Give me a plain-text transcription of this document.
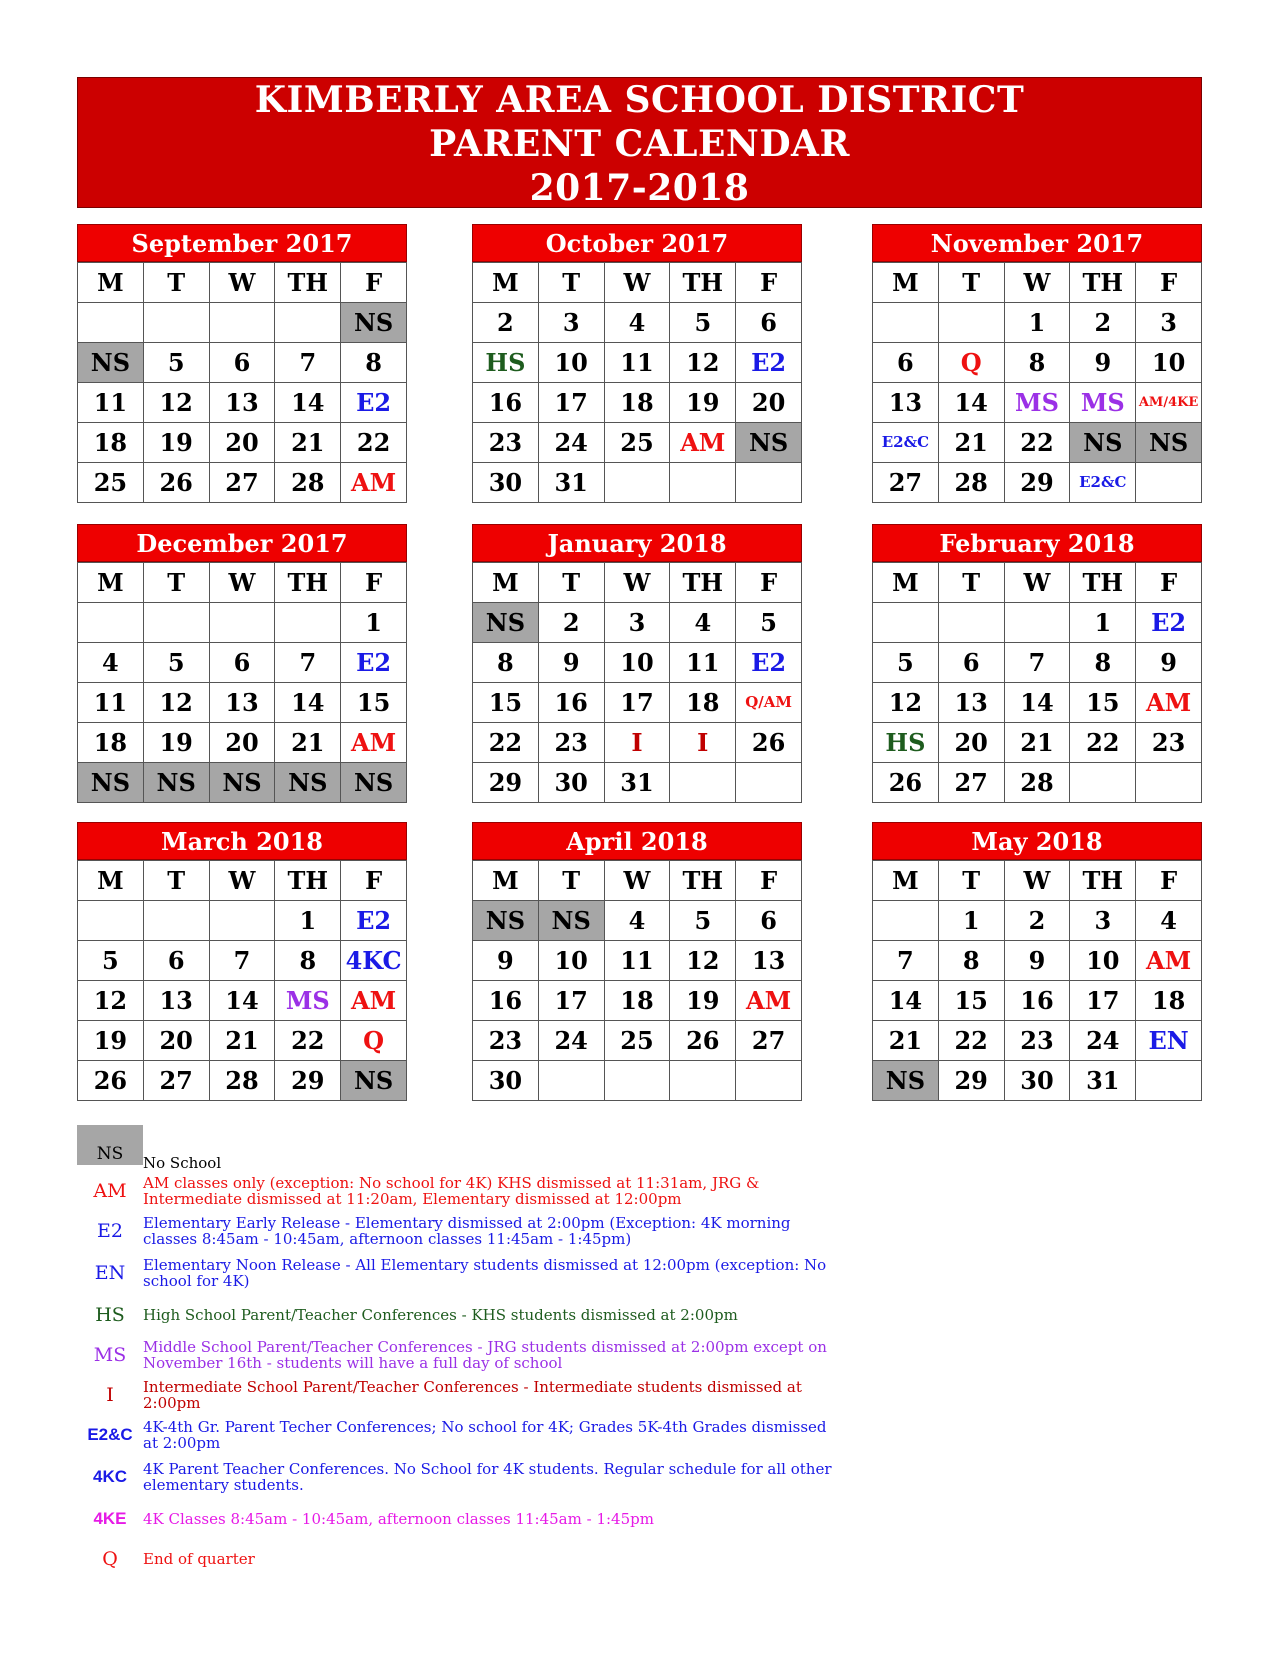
KIMBERLY AREA SCHOOL DISTRICT
PARENT CALENDAR
2017-2018
September 2017
M	T	W	TH	F
				NS
NS	5	6	7	8
11	12	13	14	E2
18	19	20	21	22
25	26	27	28	AM
October 2017
M	T	W	TH	F
2	3	4	5	6
HS	10	11	12	E2
16	17	18	19	20
23	24	25	AM	NS
30	31			
November 2017
M	T	W	TH	F
		1	2	3
6	Q	8	9	10
13	14	MS	MS	AM/4KE
E2&C	21	22	NS	NS
27	28	29	E2&C	
December 2017
M	T	W	TH	F
				1
4	5	6	7	E2
11	12	13	14	15
18	19	20	21	AM
NS	NS	NS	NS	NS
January 2018
M	T	W	TH	F
NS	2	3	4	5
8	9	10	11	E2
15	16	17	18	Q/AM
22	23	I	I	26
29	30	31		
February 2018
M	T	W	TH	F
			1	E2
5	6	7	8	9
12	13	14	15	AM
HS	20	21	22	23
26	27	28		
March 2018
M	T	W	TH	F
			1	E2
5	6	7	8	4KC
12	13	14	MS	AM
19	20	21	22	Q
26	27	28	29	NS
April 2018
M	T	W	TH	F
NS	NS	4	5	6
9	10	11	12	13
16	17	18	19	AM
23	24	25	26	27
30				
May 2018
M	T	W	TH	F
	1	2	3	4
7	8	9	10	AM
14	15	16	17	18
21	22	23	24	EN
NS	29	30	31	
NS	No School
AM	AM classes only (exception: No school for 4K) KHS dismissed at 11:31am, JRG & Intermediate dismissed at 11:20am, Elementary dismissed at 12:00pm
E2	Elementary Early Release - Elementary dismissed at 2:00pm (Exception: 4K morning classes 8:45am - 10:45am, afternoon classes 11:45am - 1:45pm)
EN	Elementary Noon Release - All Elementary students dismissed at 12:00pm (exception: No school for 4K)
HS	High School Parent/Teacher Conferences - KHS students dismissed at 2:00pm
MS	Middle School Parent/Teacher Conferences - JRG students dismissed at 2:00pm except on November 16th - students will have a full day of school
I	Intermediate School Parent/Teacher Conferences - Intermediate students dismissed at 2:00pm
E2&C 4K-4th Gr. Parent Techer Conferences; No school for 4K; Grades 5K-4th Grades dismissed at 2:00pm
4KC	4K Parent Teacher Conferences. No School for 4K students. Regular schedule for all other elementary students.
4KE	4K Classes 8:45am - 10:45am, afternoon classes 11:45am - 1:45pm
Q	End of quarter
